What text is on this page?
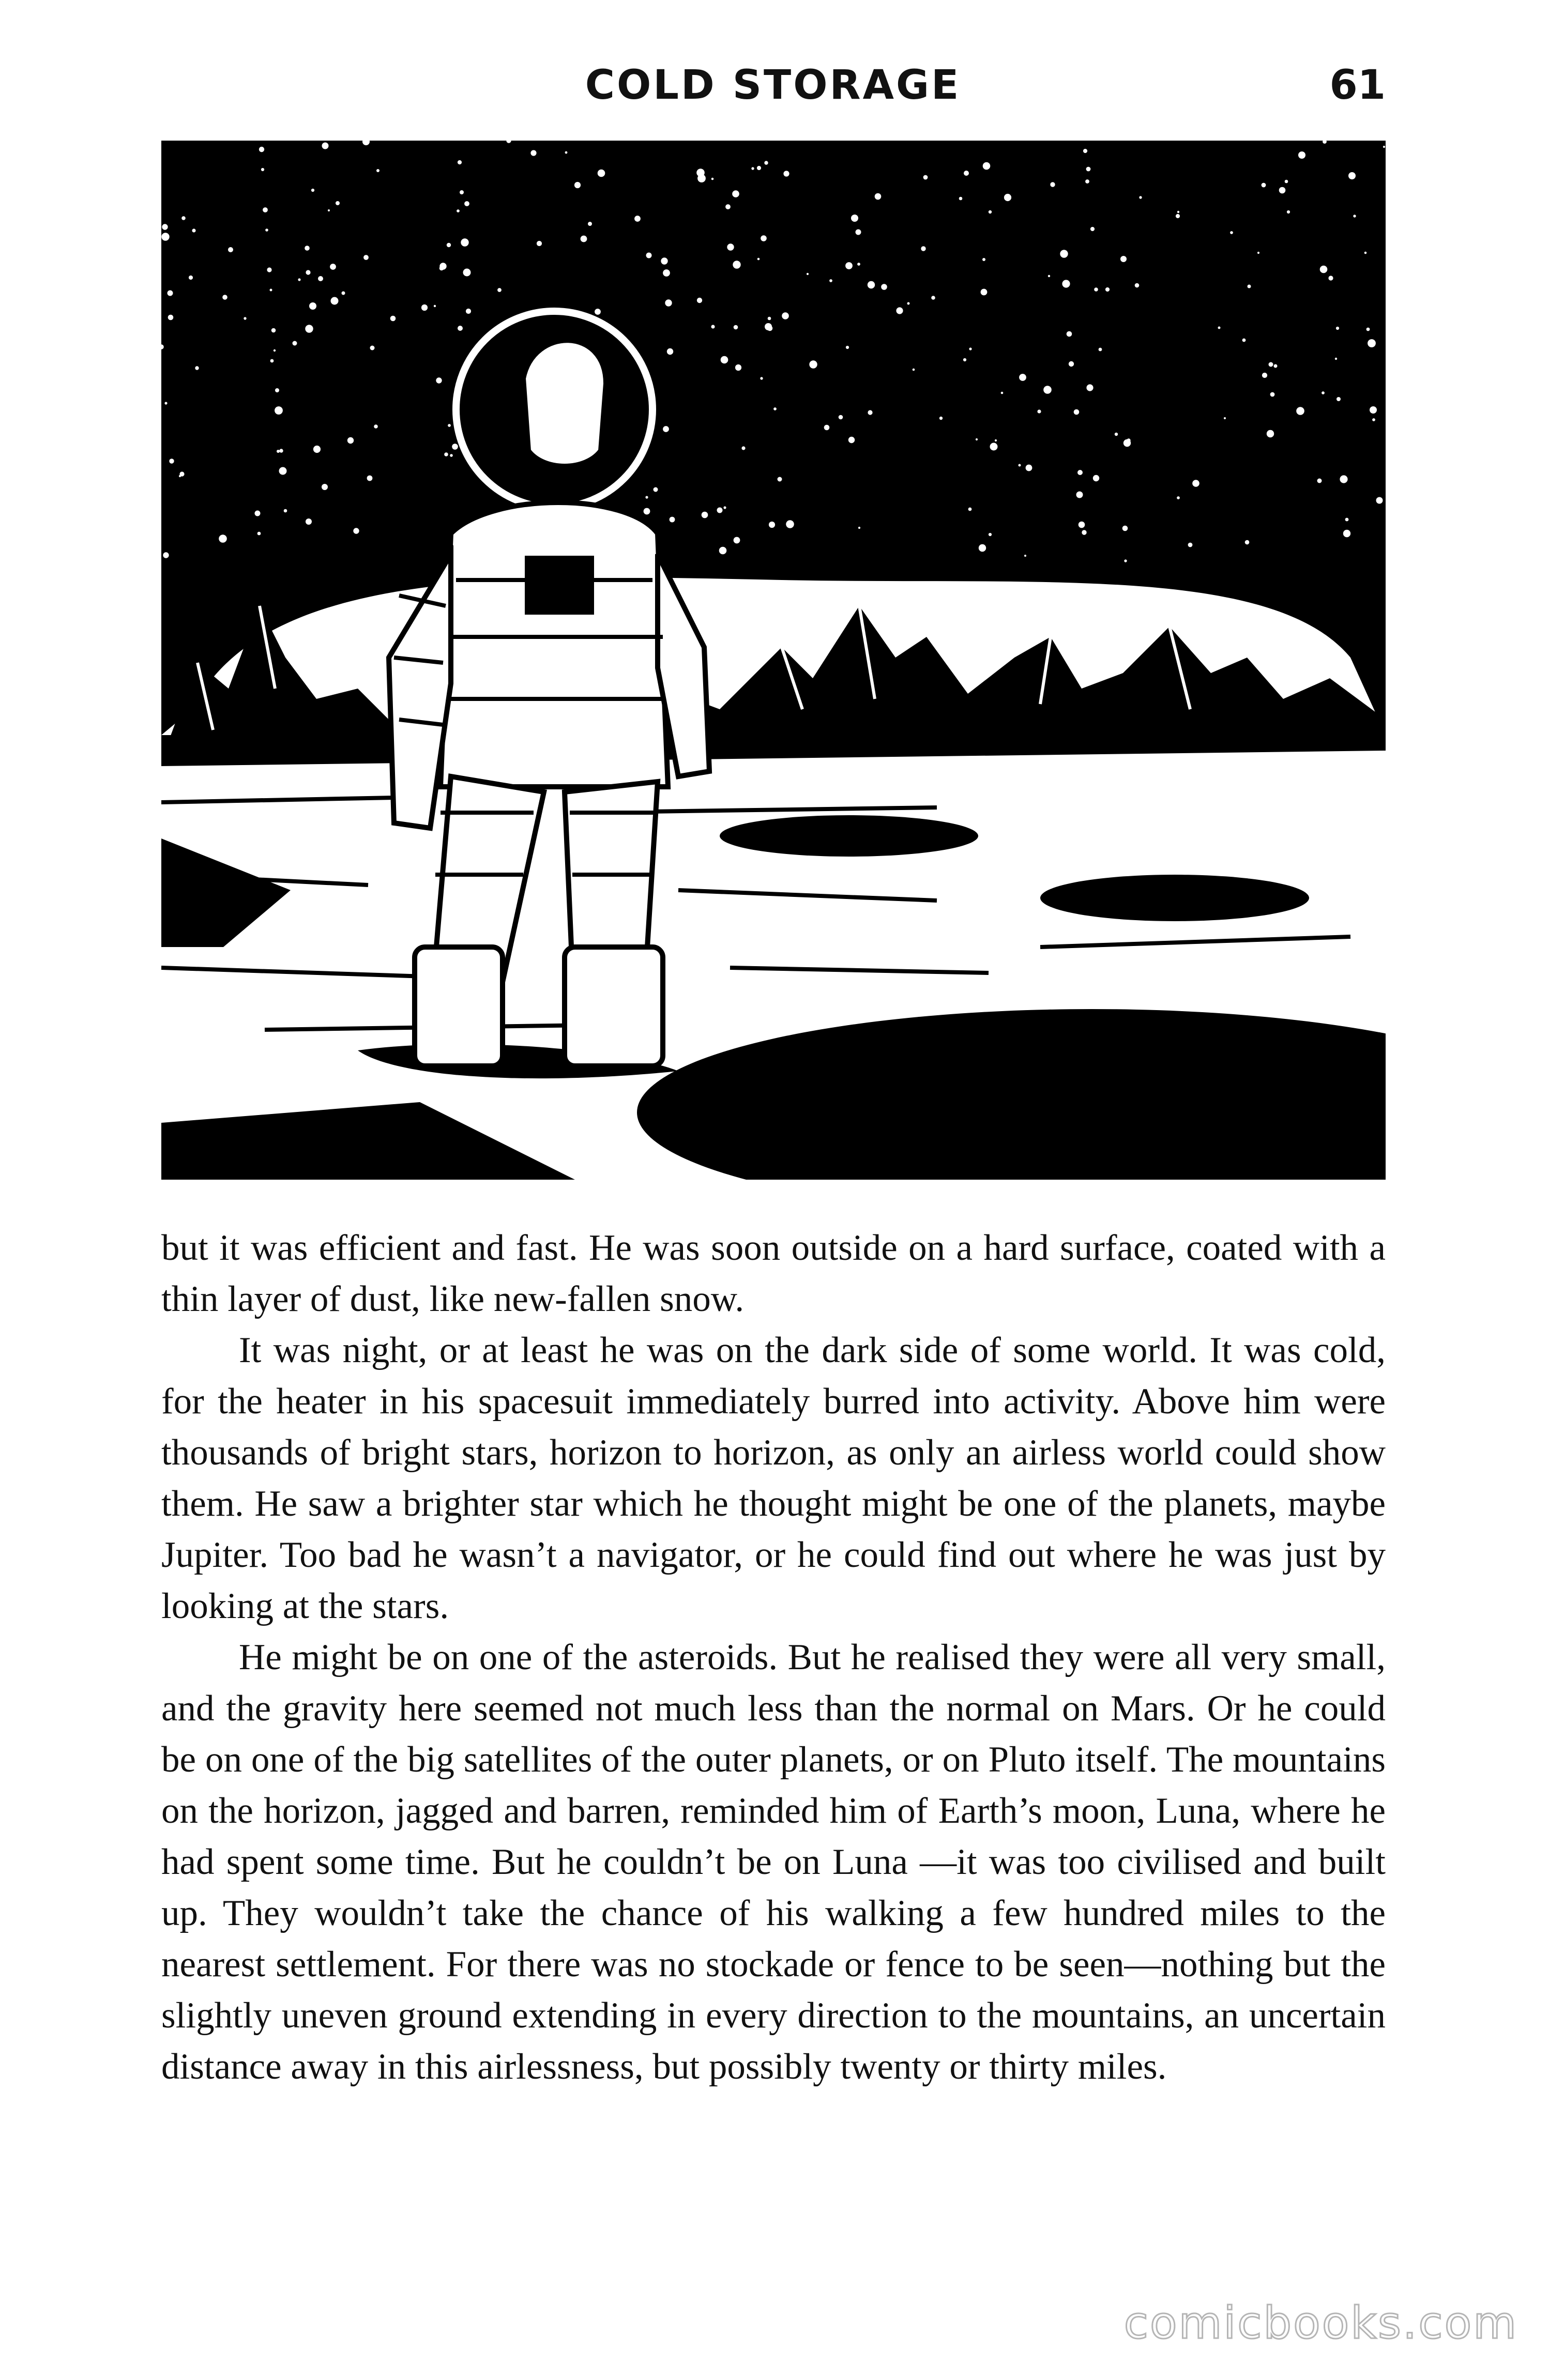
COLD STORAGE	61

but it was efficient and fast. He was soon outside on a hard surface, coated with a thin layer of dust, like new-fallen snow.

It was night, or at least he was on the dark side of some world. It was cold, for the heater in his spacesuit immediately burred into activity. Above him were thousands of bright stars, horizon to horizon, as only an airless world could show them. He saw a brighter star which he thought might be one of the planets, maybe Jupiter. Too bad he wasn’t a navigator, or he could find out where he was just by looking at the stars.

He might be on one of the asteroids. But he realised they were all very small, and the gravity here seemed not much less than the normal on Mars. Or he could be on one of the big satellites of the outer planets, or on Pluto itself. The mountains on the horizon, jagged and barren, reminded him of Earth’s moon, Luna, where he had spent some time. But he couldn’t be on Luna —it was too civilised and built up. They wouldn’t take the chance of his walking a few hundred miles to the nearest settlement. For there was no stockade or fence to be seen—nothing but the slightly uneven ground extending in every direction to the mountains, an uncertain distance away in this airlessness, but possibly twenty or thirty miles.

comicbooks.com
